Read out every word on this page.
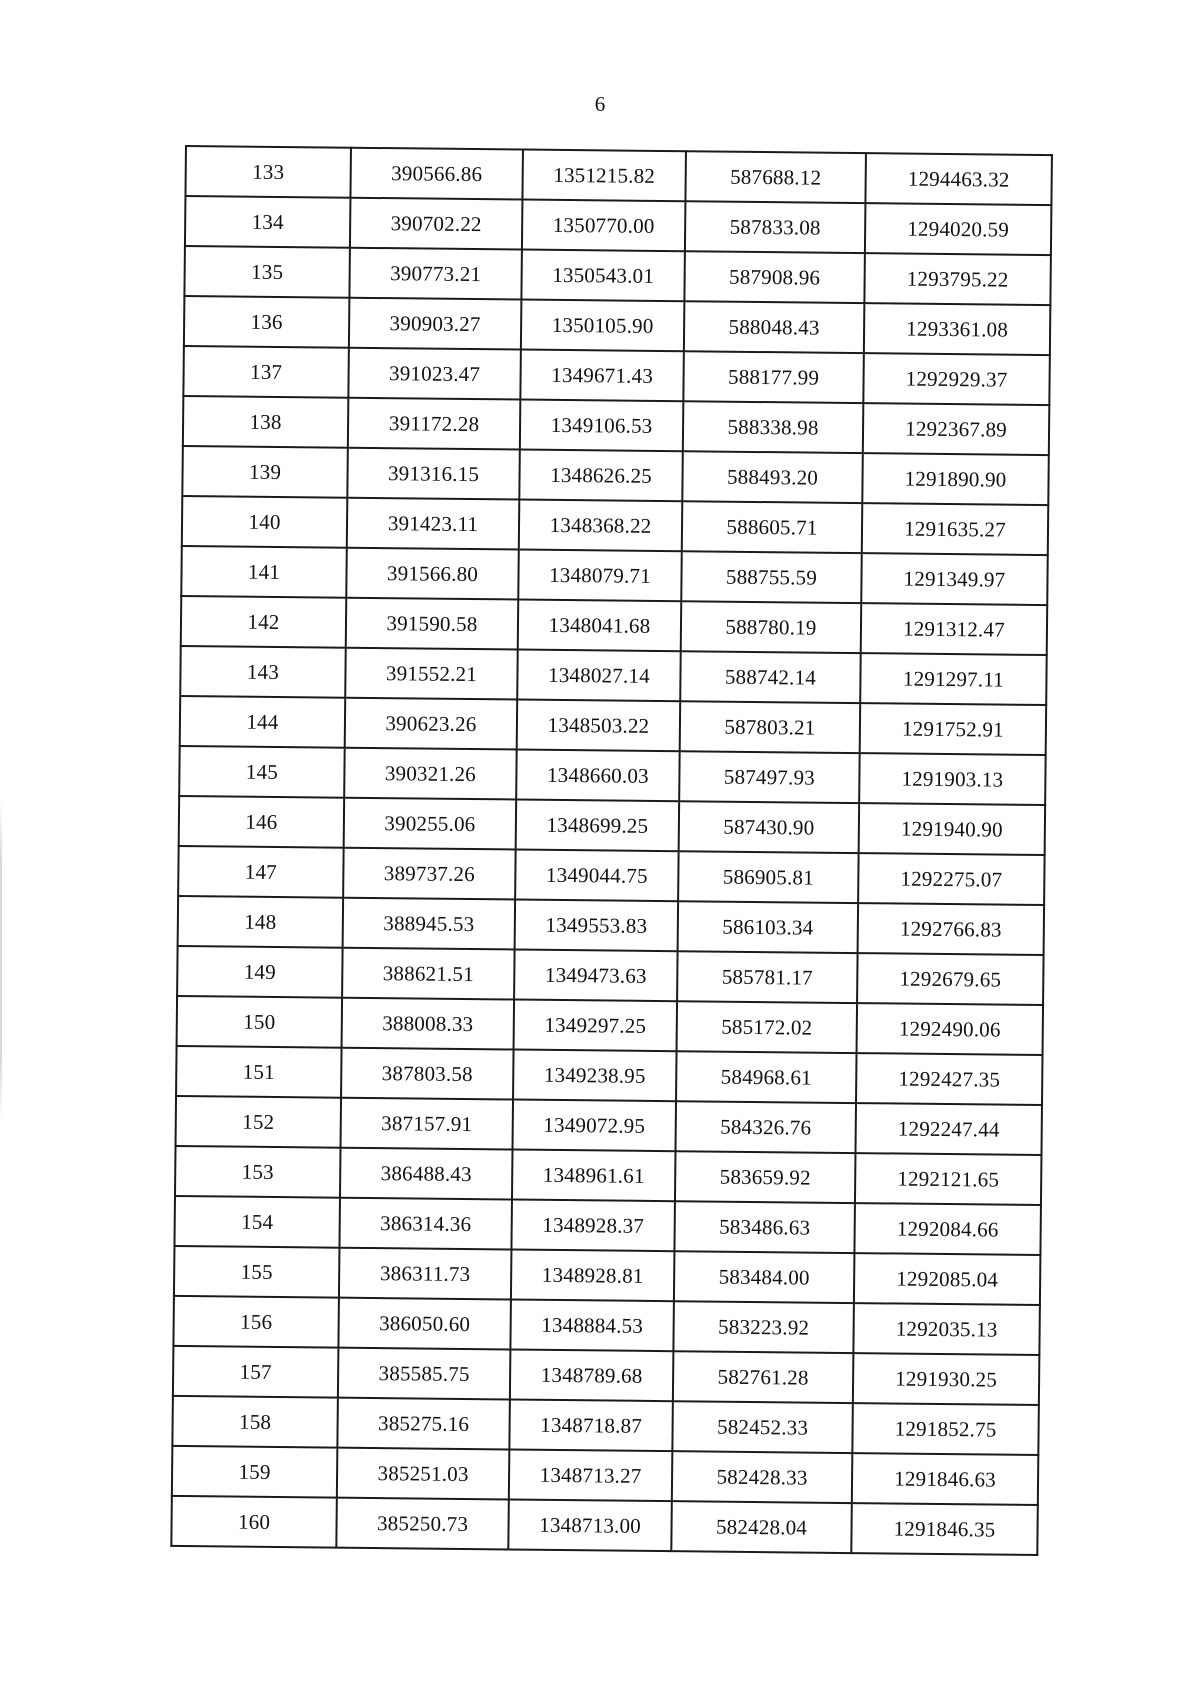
6
133	390566.86	1351215.82	587688.12	1294463.32
134	390702.22	1350770.00	587833.08	1294020.59
135	390773.21	1350543.01	587908.96	1293795.22
136	390903.27	1350105.90	588048.43	1293361.08
137	391023.47	1349671.43	588177.99	1292929.37
138	391172.28	1349106.53	588338.98	1292367.89
139	391316.15	1348626.25	588493.20	1291890.90
140	391423.11	1348368.22	588605.71	1291635.27
141	391566.80	1348079.71	588755.59	1291349.97
142	391590.58	1348041.68	588780.19	1291312.47
143	391552.21	1348027.14	588742.14	1291297.11
144	390623.26	1348503.22	587803.21	1291752.91
145	390321.26	1348660.03	587497.93	1291903.13
146	390255.06	1348699.25	587430.90	1291940.90
147	389737.26	1349044.75	586905.81	1292275.07
148	388945.53	1349553.83	586103.34	1292766.83
149	388621.51	1349473.63	585781.17	1292679.65
150	388008.33	1349297.25	585172.02	1292490.06
151	387803.58	1349238.95	584968.61	1292427.35
152	387157.91	1349072.95	584326.76	1292247.44
153	386488.43	1348961.61	583659.92	1292121.65
154	386314.36	1348928.37	583486.63	1292084.66
155	386311.73	1348928.81	583484.00	1292085.04
156	386050.60	1348884.53	583223.92	1292035.13
157	385585.75	1348789.68	582761.28	1291930.25
158	385275.16	1348718.87	582452.33	1291852.75
159	385251.03	1348713.27	582428.33	1291846.63
160	385250.73	1348713.00	582428.04	1291846.35
